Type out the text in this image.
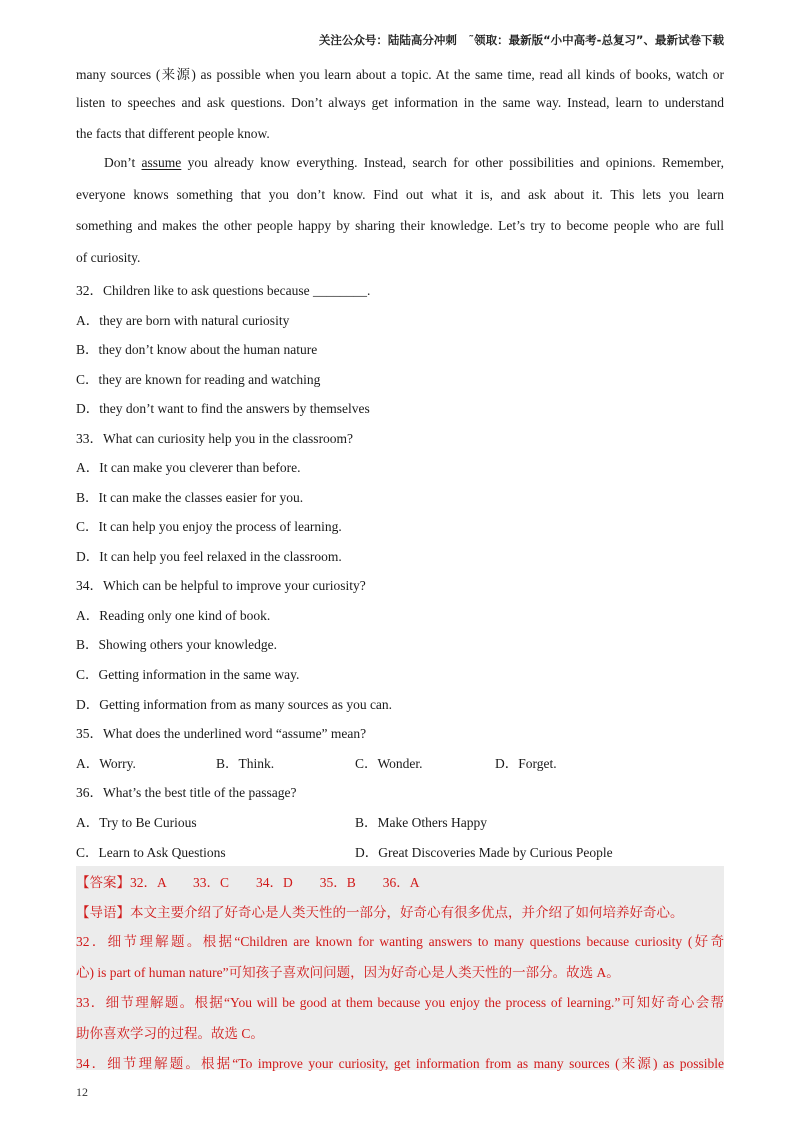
关注公众号：陆陆高分冲刺　˜领取：最新版“小中高考-总复习”、最新试卷下载
many sources (来源) as possible when you learn about a topic. At the same time, read all kinds of books, watch or
listen to speeches and ask questions. Don’t always get information in the same way. Instead, learn to understand
the facts that different people know.
Don’t assume you already know everything. Instead, search for other possibilities and opinions. Remember,
everyone knows something that you don’t know. Find out what it is, and ask about it. This lets you learn
something and makes the other people happy by sharing their knowledge. Let’s try to become people who are full
of curiosity.
32．Children like to ask questions because ________.
A．they are born with natural curiosity
B．they don’t know about the human nature
C．they are known for reading and watching
D．they don’t want to find the answers by themselves
33．What can curiosity help you in the classroom?
A．It can make you cleverer than before.
B．It can make the classes easier for you.
C．It can help you enjoy the process of learning.
D．It can help you feel relaxed in the classroom.
34．Which can be helpful to improve your curiosity?
A．Reading only one kind of book.
B．Showing others your knowledge.
C．Getting information in the same way.
D．Getting information from as many sources as you can.
35．What does the underlined word “assume” mean?
A．Worry.	B．Think.	C．Wonder.	D．Forget.
36．What’s the best title of the passage?
A．Try to Be Curious	B．Make Others Happy
C．Learn to Ask Questions	D．Great Discoveries Made by Curious People
【答案】32．A　　33．C　　34．D　　35．B　　36．A
【导语】本文主要介绍了好奇心是人类天性的一部分，好奇心有很多优点，并介绍了如何培养好奇心。
32．细节理解题。根据“Children are known for wanting answers to many questions because curiosity (好奇
心) is part of human nature”可知孩子喜欢问问题，因为好奇心是人类天性的一部分。故选 A。
33．细节理解题。根据“You will be good at them because you enjoy the process of learning.”可知好奇心会帮
助你喜欢学习的过程。故选 C。
34．细节理解题。根据“To improve your curiosity, get information from as many sources (来源) as possible
12
